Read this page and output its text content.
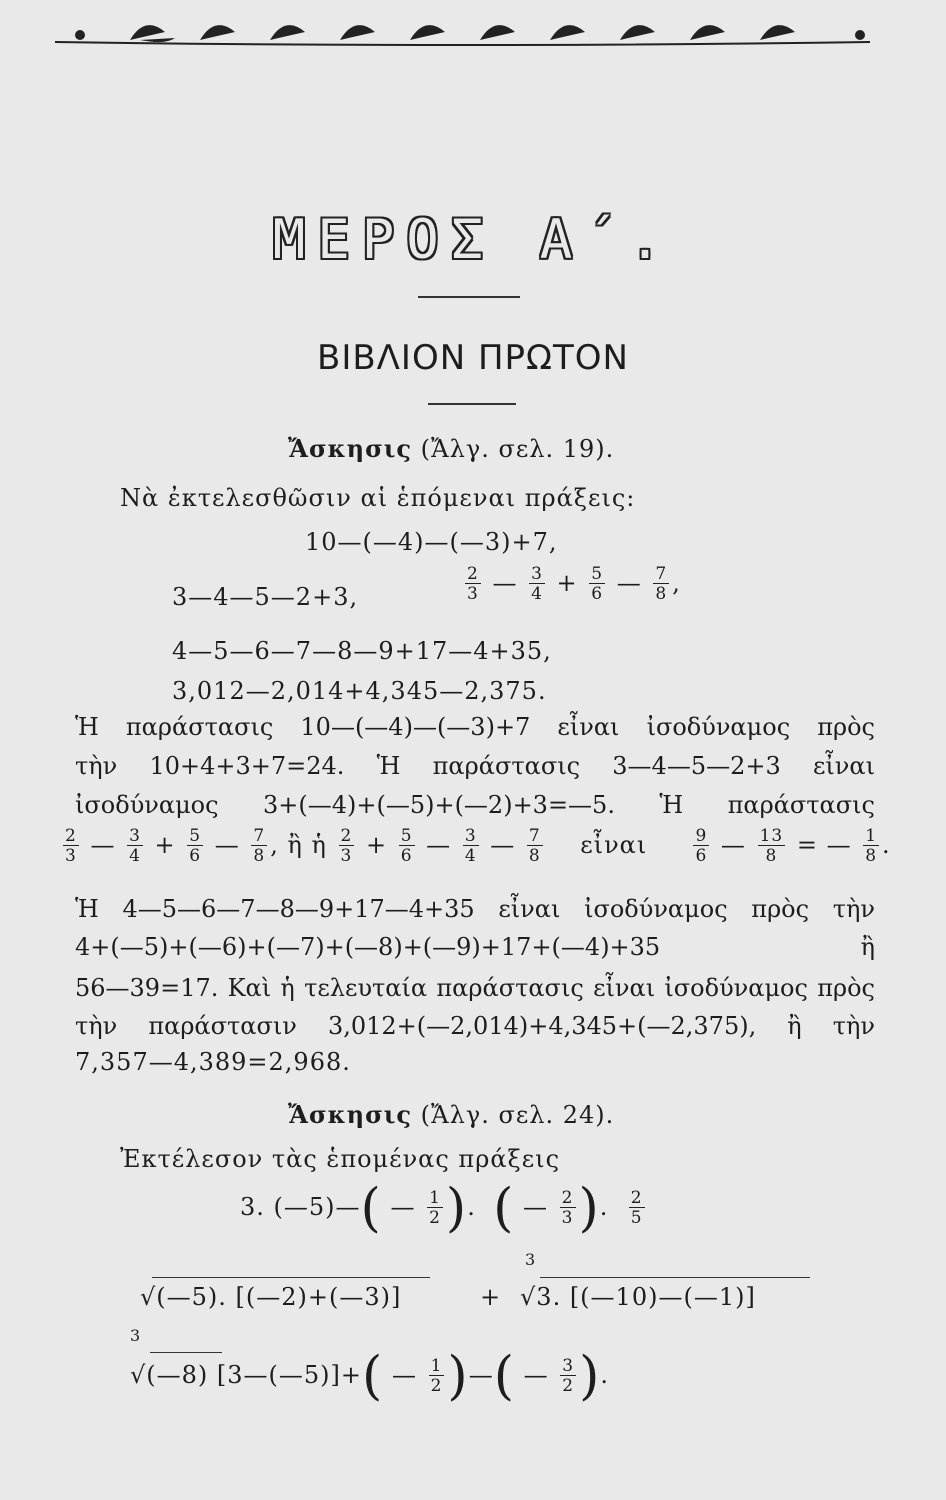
ΜΕΡΟΣ Α΄.
ΒΙΒΛΙΟΝ ΠΡΩΤΟΝ
Ἄσκησις (Ἄλγ. σελ. 19).
Νὰ ἐκτελεσθῶσιν αἱ ἑπόμεναι πράξεις:
10—(—4)—(—3)+7,
3—4—5—2+3,	$\frac{2}{3}$ — $\frac{3}{4} + \frac{5}{6}$ — $\frac{7}{8}$ ,
4—5—6—7—8—9+17—4+35,
3,012—2,014+4,345—2,375.
Ἡ παράστασις 10—(—4)—(—3)+7 εἶναι ἰσοδύναμος πρὸς
τὴν 10+4+3+7=24. Ἡ παράστασις 3—4—5—2+3 εἶναι
ἰσοδύναμος 3+(—4)+(—5)+(—2)+3=—5. Ἡ παράστασις
$\frac{2}{3}$ — $\frac{3}{4} + \frac{5}{6}$ — $\frac{7}{8}$ , ἢ ἡ $\frac{2}{3} + \frac{5}{6}$ — $\frac{3}{4}$ — $\frac{7}{8}$ εἶναι	$\frac{9}{6}$ — $\frac{13}{8}$ = — $\frac{1}{8}$ .
Ἡ 4—5—6—7—8—9+17—4+35 εἶναι ἰσοδύναμος πρὸς τὴν
4+(—5)+(—6)+(—7)+(—8)+(—9)+17+(—4)+35 ἢ
56—39=17. Καὶ ἡ τελευταία παράστασις εἶναι ἰσοδύναμος πρὸς
τὴν παράστασιν 3,012+(—2,014)+4,345+(—2,375), ἢ τὴν
7,357—4,389=2,968.
Ἄσκησις (Ἄλγ. σελ. 24).
Ἐκτέλεσον τὰς ἑπομένας πράξεις
3. (—5)—( — $\frac{1}{2}$ ).  ( — $\frac{2}{3}$ ). $\frac{2}{5}$
3
√(—5). [(—2)+(—3)]	+ √3. [(—10)—(—1)]
3
√(—8) [3—(—5)]+( — $\frac{1}{2}$ )—( — $\frac{3}{2}$ ).
